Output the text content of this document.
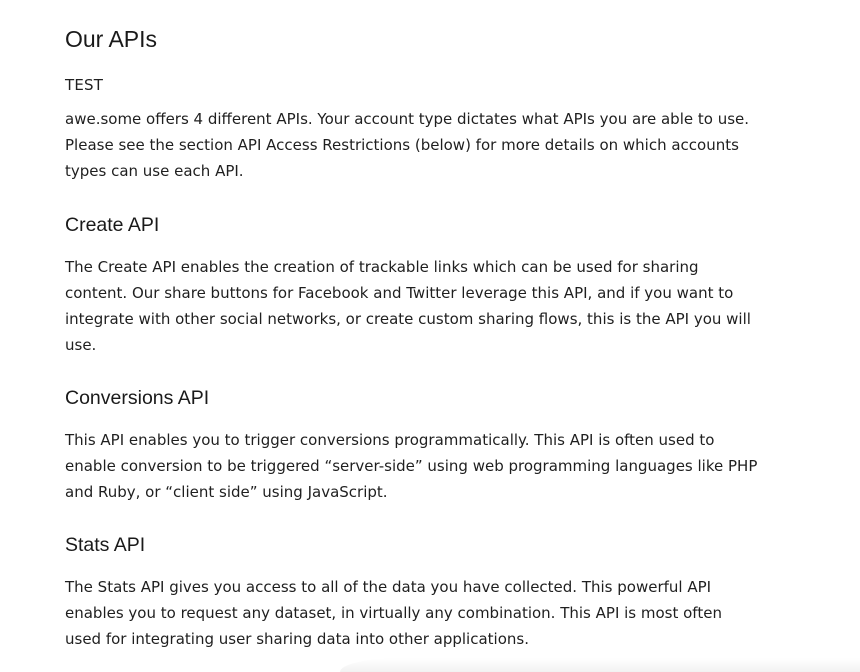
Our APIs

TEST

awe.some offers 4 different APIs. Your account type dictates what APIs you are able to use.
Please see the section API Access Restrictions (below) for more details on which accounts
types can use each API.

Create API

The Create API enables the creation of trackable links which can be used for sharing
content. Our share buttons for Facebook and Twitter leverage this API, and if you want to
integrate with other social networks, or create custom sharing flows, this is the API you will
use.

Conversions API

This API enables you to trigger conversions programmatically. This API is often used to
enable conversion to be triggered “server-side” using web programming languages like PHP
and Ruby, or “client side” using JavaScript.

Stats API

The Stats API gives you access to all of the data you have collected. This powerful API
enables you to request any dataset, in virtually any combination. This API is most often
used for integrating user sharing data into other applications.
